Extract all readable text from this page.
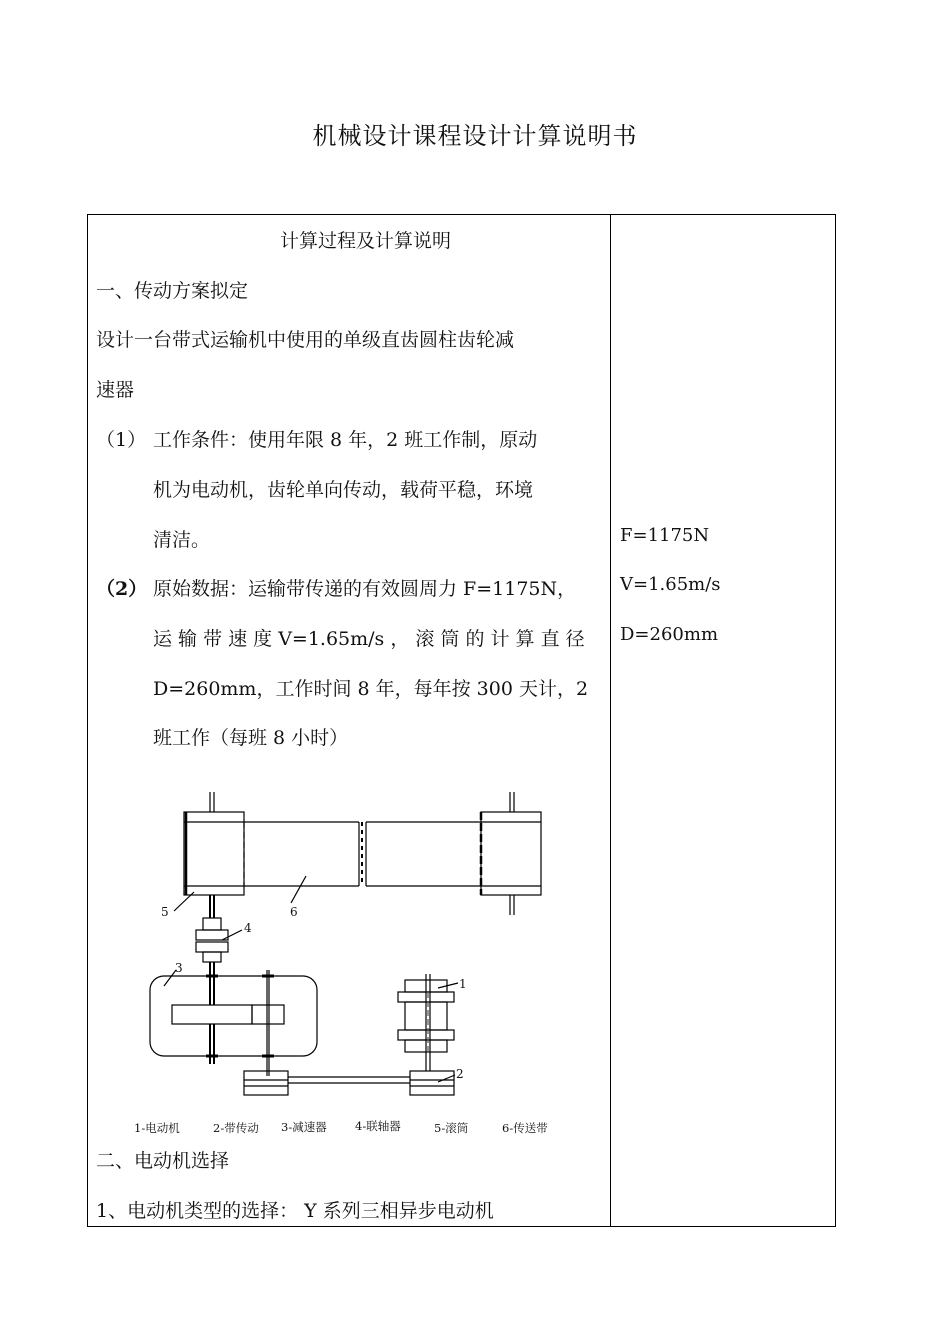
机械设计课程设计计算说明书
计算过程及计算说明
一、传动方案拟定
设计一台带式运输机中使用的单级直齿圆柱齿轮减
速器
（1） 工作条件：使用年限 8 年，2 班工作制，原动
机为电动机，齿轮单向传动，载荷平稳，环境
清洁。
（2） 原始数据：运输带传递的有效圆周力 F=1175N，
运 输 带 速 度 V=1.65m/s ， 滚 筒 的 计 算 直 径
D=260mm，工作时间 8 年，每年按 300 天计，2
班工作（每班 8 小时）
二、电动机选择
1、电动机类型的选择： Y 系列三相异步电动机
F=1175N
V=1.65m/s
D=260mm
5	6
4
3
1
2
1-电动机	2-带传动 3-减速器 4-联轴器	5-滚筒	6-传送带
